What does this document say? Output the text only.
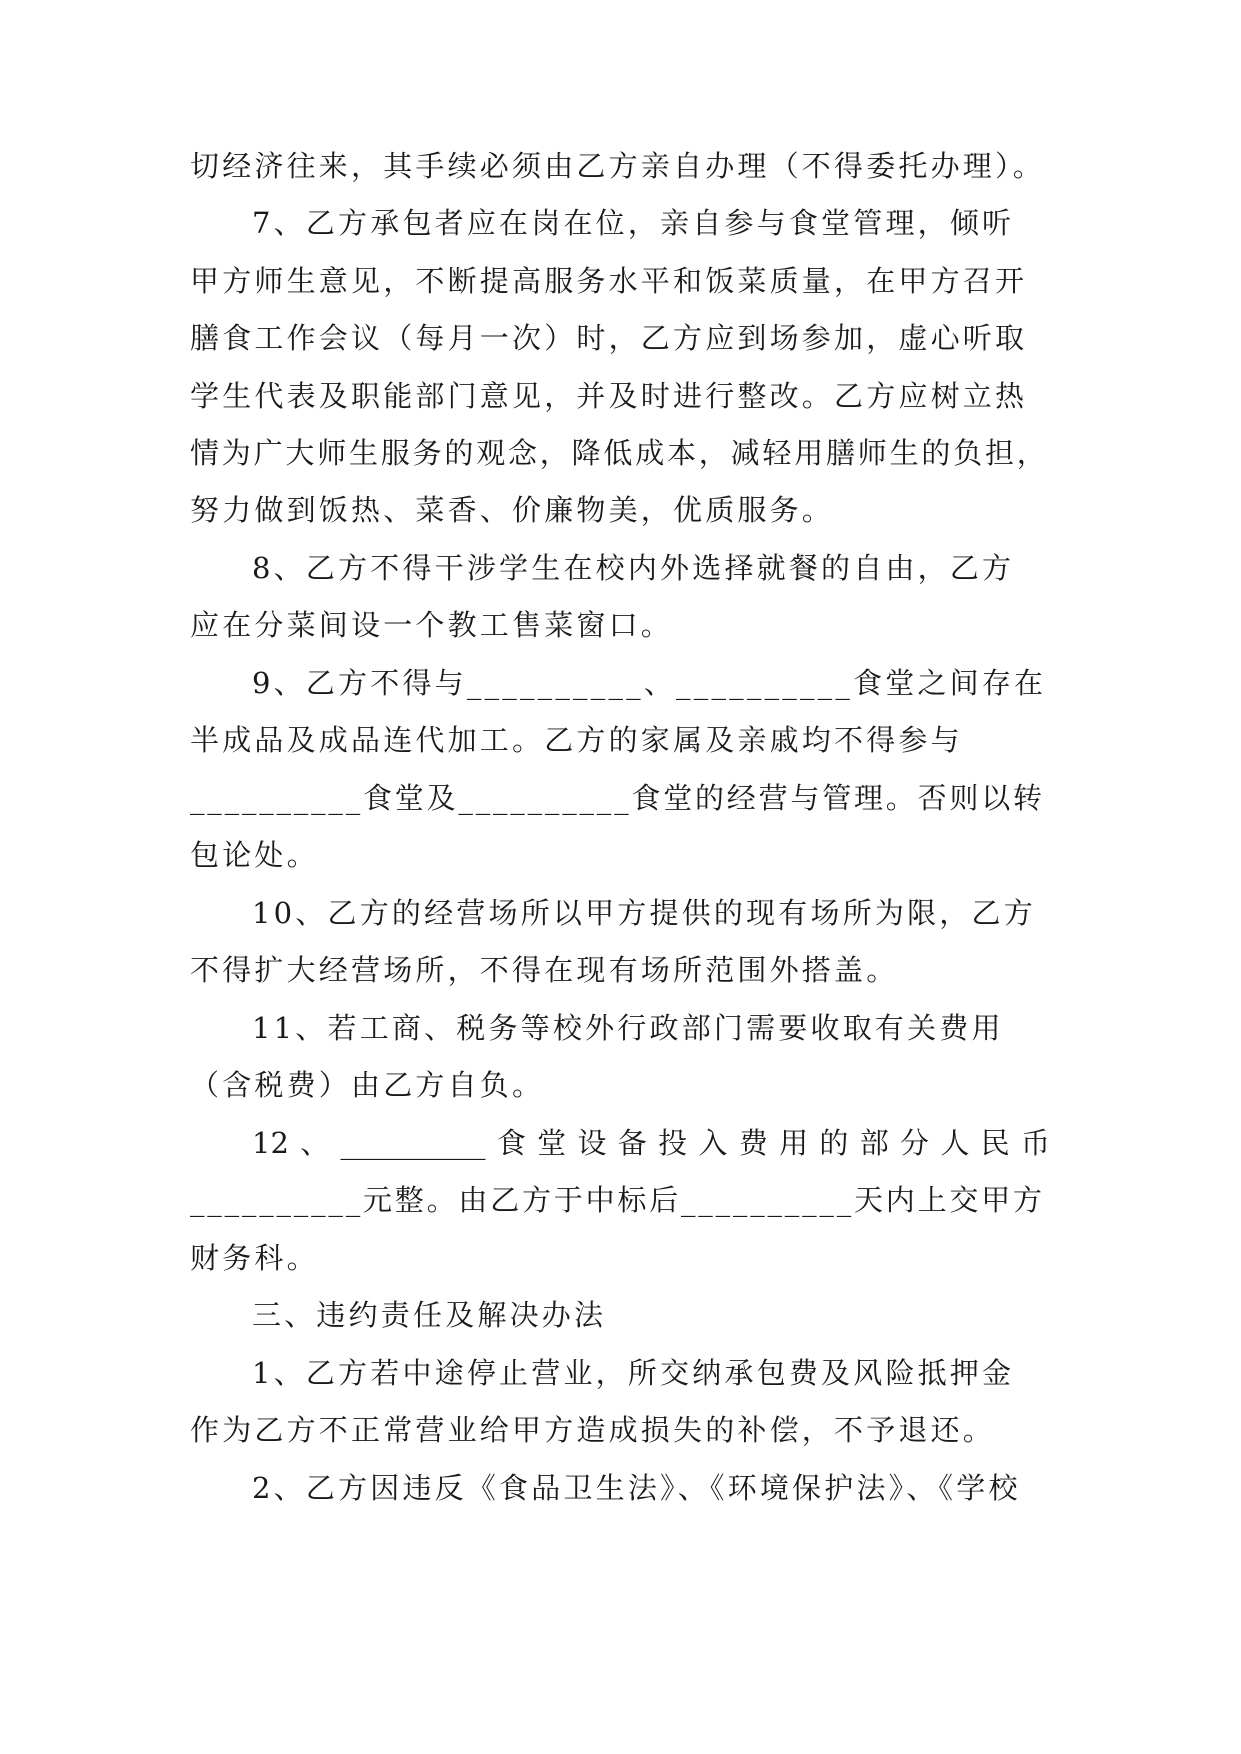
切经济往来，其手续必须由乙方亲自办理（不得委托办理）。
7、乙方承包者应在岗在位，亲自参与食堂管理，倾听
甲方师生意见，不断提高服务水平和饭菜质量，在甲方召开
膳食工作会议（每月一次）时，乙方应到场参加，虚心听取
学生代表及职能部门意见，并及时进行整改。乙方应树立热
情为广大师生服务的观念，降低成本，减轻用膳师生的负担，
努力做到饭热、菜香、价廉物美，优质服务。
8、乙方不得干涉学生在校内外选择就餐的自由，乙方
应在分菜间设一个教工售菜窗口。
9、乙方不得与__________、__________食堂之间存在
半成品及成品连代加工。乙方的家属及亲戚均不得参与
__________食堂及__________食堂的经营与管理。否则以转
包论处。
10、乙方的经营场所以甲方提供的现有场所为限，乙方
不得扩大经营场所，不得在现有场所范围外搭盖。
11、若工商、税务等校外行政部门需要收取有关费用
（含税费）由乙方自负。
12、__________食堂设备投入费用的部分人民币
__________元整。由乙方于中标后__________天内上交甲方
财务科。
三、违约责任及解决办法
1、乙方若中途停止营业，所交纳承包费及风险抵押金
作为乙方不正常营业给甲方造成损失的补偿，不予退还。
2、乙方因违反《食品卫生法》、《环境保护法》、《学校
